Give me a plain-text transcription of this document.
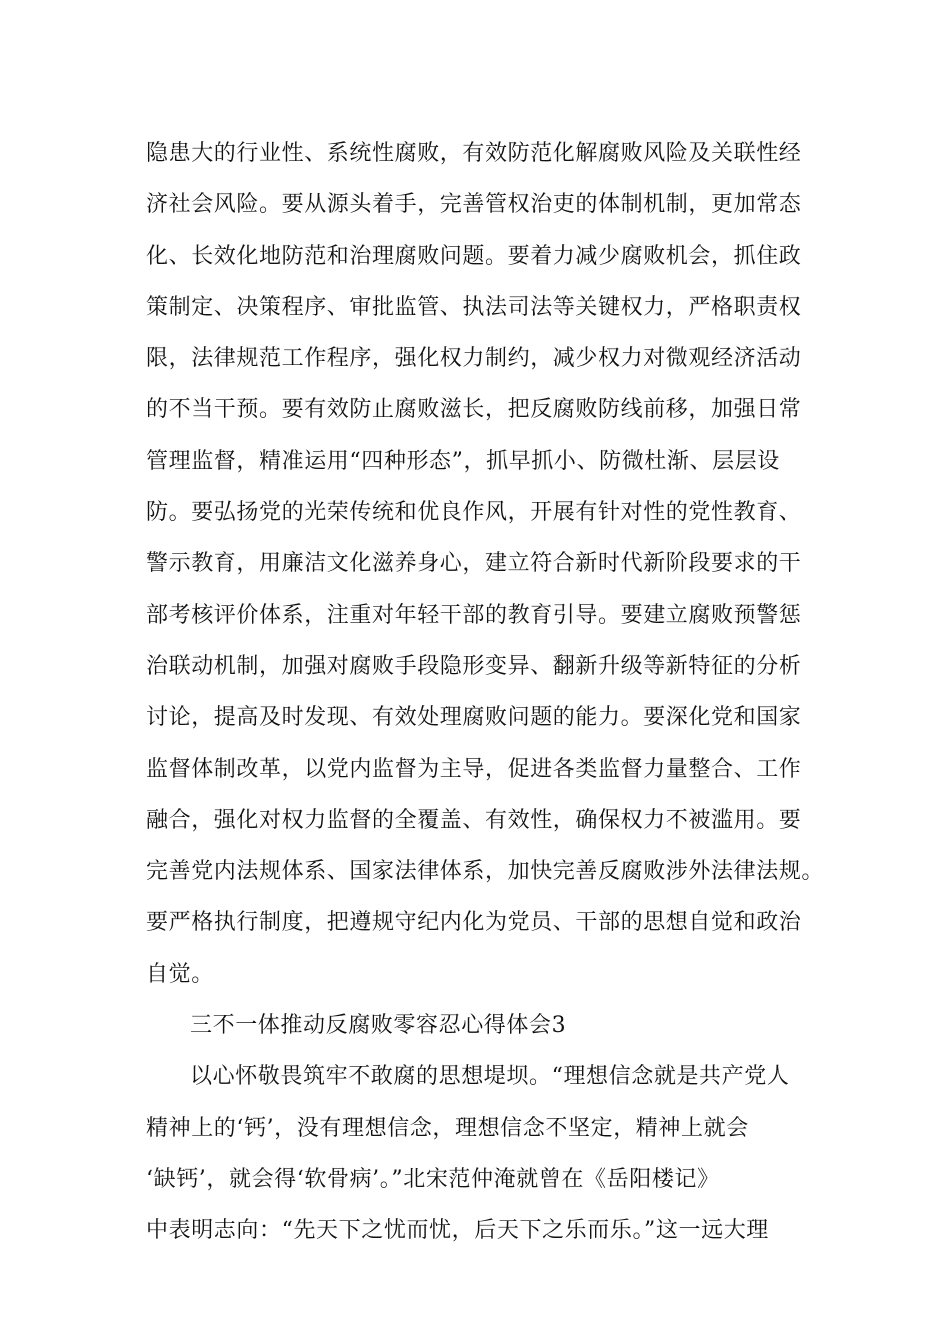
隐患大的行业性、系统性腐败，有效防范化解腐败风险及关联性经
济社会风险。要从源头着手，完善管权治吏的体制机制，更加常态
化、长效化地防范和治理腐败问题。要着力减少腐败机会，抓住政
策制定、决策程序、审批监管、执法司法等关键权力，严格职责权
限，法律规范工作程序，强化权力制约，减少权力对微观经济活动
的不当干预。要有效防止腐败滋长，把反腐败防线前移，加强日常
管理监督，精准运用“四种形态”，抓早抓小、防微杜渐、层层设
防。要弘扬党的光荣传统和优良作风，开展有针对性的党性教育、
警示教育，用廉洁文化滋养身心，建立符合新时代新阶段要求的干
部考核评价体系，注重对年轻干部的教育引导。要建立腐败预警惩
治联动机制，加强对腐败手段隐形变异、翻新升级等新特征的分析
讨论，提高及时发现、有效处理腐败问题的能力。要深化党和国家
监督体制改革，以党内监督为主导，促进各类监督力量整合、工作
融合，强化对权力监督的全覆盖、有效性，确保权力不被滥用。要
完善党内法规体系、国家法律体系，加快完善反腐败涉外法律法规。
要严格执行制度，把遵规守纪内化为党员、干部的思想自觉和政治
自觉。
三不一体推动反腐败零容忍心得体会3
以心怀敬畏筑牢不敢腐的思想堤坝。“理想信念就是共产党人
精神上的‘钙’，没有理想信念，理想信念不坚定，精神上就会
‘缺钙’，就会得‘软骨病’。”北宋范仲淹就曾在《岳阳楼记》
中表明志向：“先天下之忧而忧，后天下之乐而乐。”这一远大理
